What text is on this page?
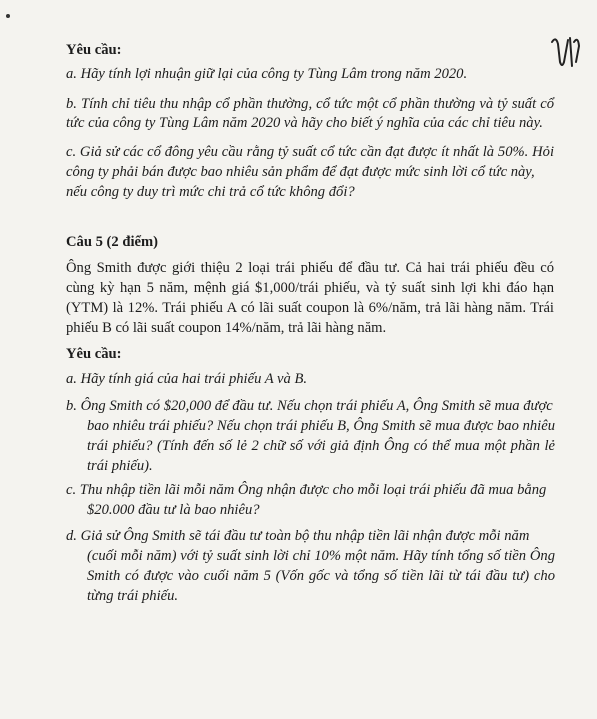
Yêu cầu:
a. Hãy tính lợi nhuận giữ lại của công ty Tùng Lâm trong năm 2020.
b. Tính chỉ tiêu thu nhập cổ phần thường, cổ tức một cổ phần thường và tỷ suất cổ
tức của công ty Tùng Lâm năm 2020 và hãy cho biết ý nghĩa của các chỉ tiêu này.
c. Giả sử các cổ đông yêu cầu rằng tỷ suất cổ tức cần đạt được ít nhất là 50%. Hỏi
công ty phải bán được bao nhiêu sản phẩm để đạt được mức sinh lời cổ tức này,
nếu công ty duy trì mức chi trả cổ tức không đổi?
Câu 5 (2 điểm)
Ông Smith được giới thiệu 2 loại trái phiếu để đầu tư. Cả hai trái phiếu đều có
cùng kỳ hạn 5 năm, mệnh giá $1,000/trái phiếu, và tỷ suất sinh lợi khi đáo hạn
(YTM) là 12%. Trái phiếu A có lãi suất coupon là 6%/năm, trả lãi hàng năm. Trái
phiếu B có lãi suất coupon 14%/năm, trả lãi hàng năm.
Yêu cầu:
a. Hãy tính giá của hai trái phiếu A và B.
b. Ông Smith có $20,000 để đầu tư. Nếu chọn trái phiếu A, Ông Smith sẽ mua được
bao nhiêu trái phiếu? Nếu chọn trái phiếu B, Ông Smith sẽ mua được bao nhiêu
trái phiếu? (Tính đến số lẻ 2 chữ số với giả định Ông có thể mua một phần lẻ
trái phiếu).
c. Thu nhập tiền lãi mỗi năm Ông nhận được cho mỗi loại trái phiếu đã mua bằng
$20.000 đầu tư là bao nhiêu?
d. Giả sử Ông Smith sẽ tái đầu tư toàn bộ thu nhập tiền lãi nhận được mỗi năm
(cuối mỗi năm) với tỷ suất sinh lời chỉ 10% một năm. Hãy tính tổng số tiền Ông
Smith có được vào cuối năm 5 (Vốn gốc và tổng số tiền lãi từ tái đầu tư) cho
từng trái phiếu.
